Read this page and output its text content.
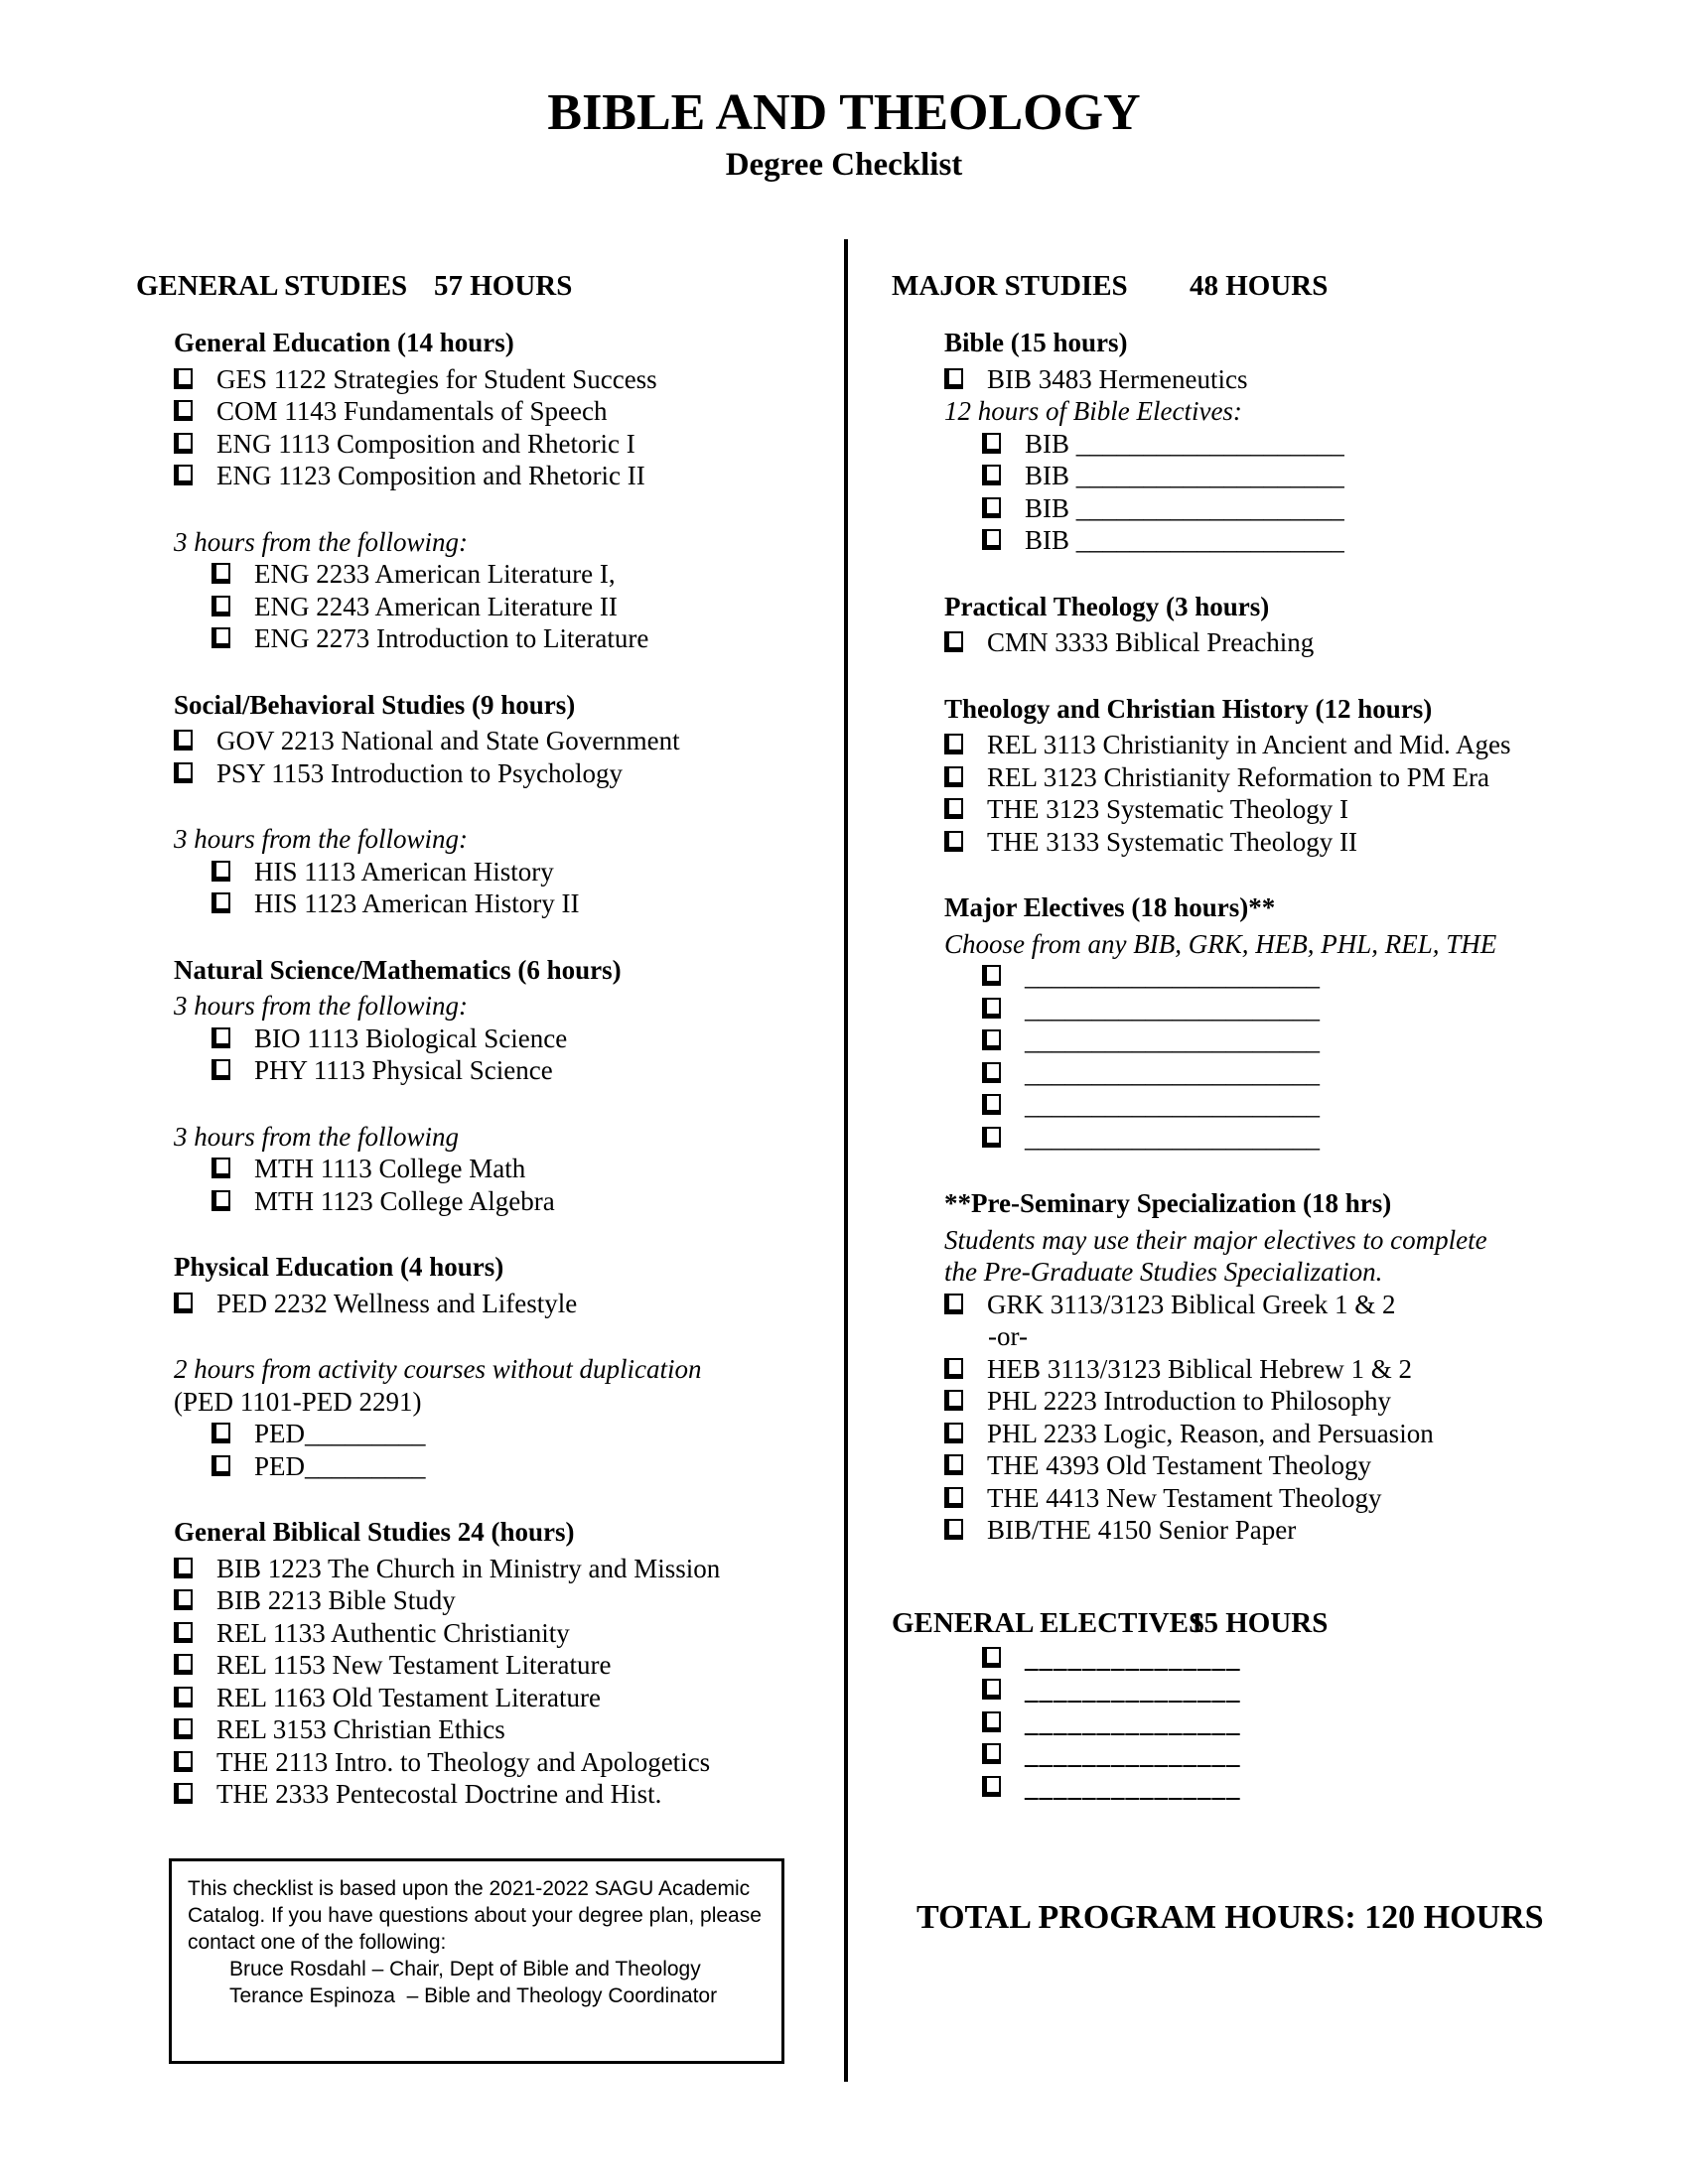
BIBLE AND THEOLOGY
Degree Checklist
GENERAL STUDIES 57 HOURS
General Education (14 hours)
GES 1122 Strategies for Student Success
COM 1143 Fundamentals of Speech
ENG 1113 Composition and Rhetoric I
ENG 1123 Composition and Rhetoric II
3 hours from the following:
ENG 2233 American Literature I,
ENG 2243 American Literature II
ENG 2273 Introduction to Literature
Social/Behavioral Studies (9 hours)
GOV 2213 National and State Government
PSY 1153 Introduction to Psychology
3 hours from the following:
HIS 1113 American History
HIS 1123 American History II
Natural Science/Mathematics (6 hours)
3 hours from the following:
BIO 1113 Biological Science
PHY 1113 Physical Science
3 hours from the following
MTH 1113 College Math
MTH 1123 College Algebra
Physical Education (4 hours)
PED 2232 Wellness and Lifestyle
2 hours from activity courses without duplication
(PED 1101-PED 2291)
PED_________
PED_________
General Biblical Studies 24 (hours)
BIB 1223 The Church in Ministry and Mission
BIB 2213 Bible Study
REL 1133 Authentic Christianity
REL 1153 New Testament Literature
REL 1163 Old Testament Literature
REL 3153 Christian Ethics
THE 2113 Intro. to Theology and Apologetics
THE 2333 Pentecostal Doctrine and Hist.
This checklist is based upon the 2021-2022 SAGU Academic
Catalog. If you have questions about your degree plan, please
contact one of the following:
Bruce Rosdahl – Chair, Dept of Bible and Theology
Terance Espinoza  – Bible and Theology Coordinator
MAJOR STUDIES 48 HOURS
Bible (15 hours)
BIB 3483 Hermeneutics
12 hours of Bible Electives:
BIB ____________________
BIB ____________________
BIB ____________________
BIB ____________________
Practical Theology (3 hours)
CMN 3333 Biblical Preaching
Theology and Christian History (12 hours)
REL 3113 Christianity in Ancient and Mid. Ages
REL 3123 Christianity Reformation to PM Era
THE 3123 Systematic Theology I
THE 3133 Systematic Theology II
Major Electives (18 hours)**
Choose from any BIB, GRK, HEB, PHL, REL, THE
______________________
______________________
______________________
______________________
______________________
______________________
**Pre-Seminary Specialization (18 hrs)
Students may use their major electives to complete
the Pre-Graduate Studies Specialization.
GRK 3113/3123 Biblical Greek 1 & 2
-or-
HEB 3113/3123 Biblical Hebrew 1 & 2
PHL 2223 Introduction to Philosophy
PHL 2233 Logic, Reason, and Persuasion
THE 4393 Old Testament Theology
THE 4413 New Testament Theology
BIB/THE 4150 Senior Paper
GENERAL ELECTIVES
15 HOURS
_______________
_______________
_______________
_______________
_______________
TOTAL PROGRAM HOURS: 120 HOURS
